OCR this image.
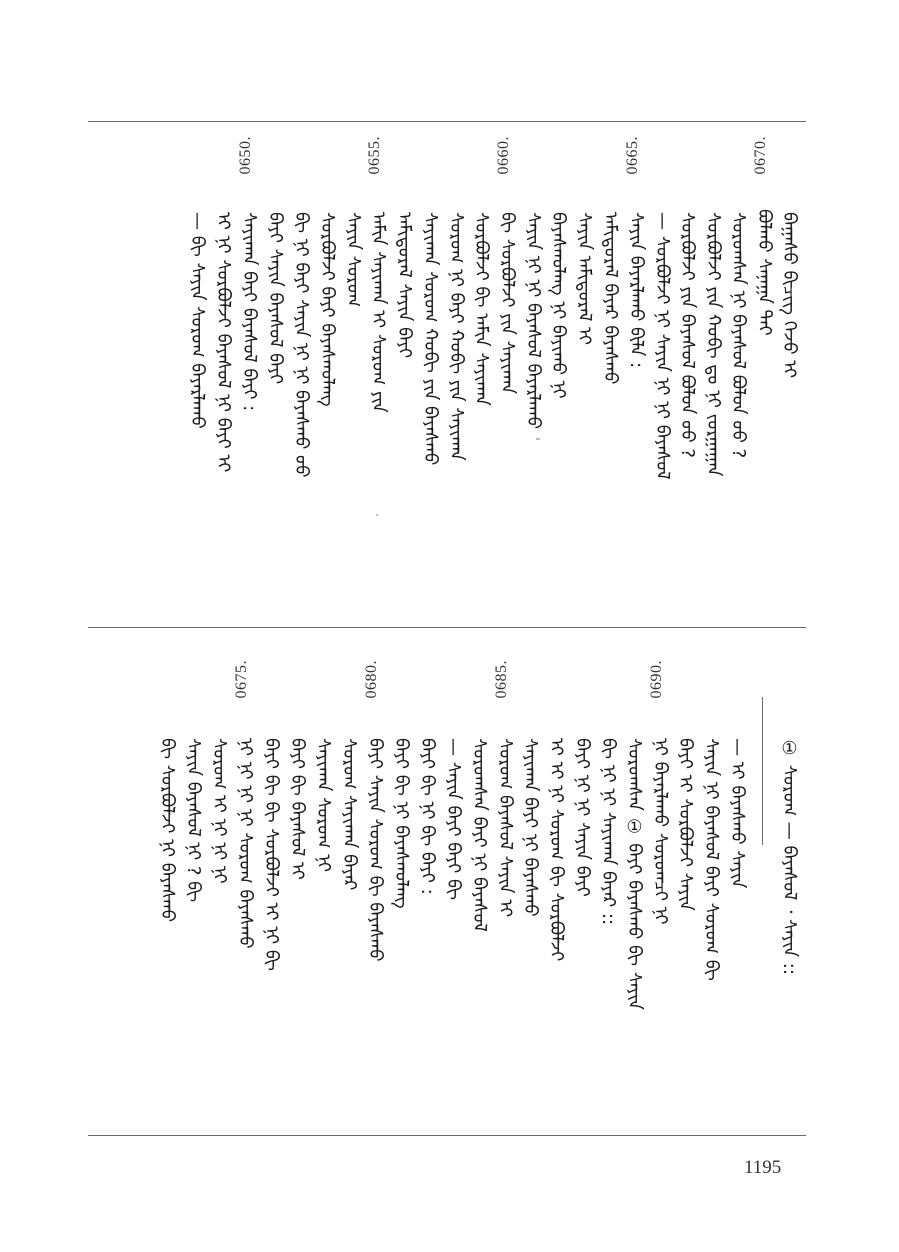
ᠪᠠᠭᠠᠰᠤ ᠪᠢᠴᠢᠭ ᠭᠡᠵᠦ ᠢ
0670.
ᠪᠤᠯᠬᠤ ᠰᠠᠨᠠᠭᠠ ᠲᠠᠢ
ᠰᠤᠷᠤᠭᠰᠠᠨ ᠨᠢ ᠪᠠᠶᠠᠰᠤᠯ ᠪᠣᠯᠤᠨ ᠤᠤ ?
ᠰᠤᠷᠪᠤᠯᠵᠢ ᠶᠢᠨ ᠬᠤᠪᠢ ᠳᠤ ᠨᠢ ᠵᠤᠷᠭᠠᠭᠠᠨ
ᠰᠤᠷᠪᠤᠯᠵᠢ ᠶᠢᠨ ᠪᠠᠶᠠᠰᠤᠯ ᠪᠣᠯᠤᠨ ᠤᠤ ?
— ᠰᠤᠷᠪᠤᠯᠵᠢ ᠨᠢ ᠰᠠᠶᠢᠨ ᠨᠢ ᠨᠢ ᠪᠠᠶᠠᠰᠤᠯ
0665.
ᠰᠠᠶᠢᠨ ᠪᠠᠶᠠᠷᠯᠠᠬᠤ ᠪᠢᠯᠡ :
ᠠᠮᠢᠳᠤᠷᠠᠯ ᠪᠠᠶᠠᠷ ᠪᠠᠶᠠᠰᠬᠤ
ᠰᠠᠶᠢᠨ ᠠᠮᠢᠳᠤᠷᠠᠯ ᠢ
ᠪᠠᠶᠠᠰᠬᠤᠯᠠᠩ ᠨᠢ ᠪᠠᠶᠢᠬᠤ ᠨᠢ
ᠰᠠᠶᠢᠨ ᠨᠢ ᠨᠢ ᠪᠠᠶᠠᠰᠤᠯ ᠪᠠᠶᠠᠷᠯᠠᠬᠤ
0660.
ᠪᠢ ᠰᠤᠷᠪᠤᠯᠵᠢ ᠶᠢᠨ ᠰᠠᠶᠢᠬᠠᠨ
ᠰᠤᠷᠪᠤᠯᠵᠢ ᠪᠢ ᠠᠮᠢᠨ ᠰᠠᠶᠢᠬᠠᠨ
ᠰᠤᠷᠤᠭ ᠨᠢ ᠪᠠᠶᠢ ᠬᠤᠪᠢ ᠶᠢᠨ ᠰᠠᠶᠢᠬᠠᠨ
ᠰᠠᠶᠢᠬᠠᠨ ᠰᠤᠷᠤᠭ ᠬᠤᠪᠢ ᠶᠢᠨ ᠪᠠᠶᠠᠰᠬᠤ
ᠠᠮᠢᠳᠤᠷᠠᠯ ᠰᠠᠶᠢᠨ ᠪᠠᠶᠢ
0655.
ᠠᠮᠢᠨ ᠰᠠᠶᠢᠬᠠᠨ ᠢ ᠰᠤᠷᠤᠭ ᠶᠢᠨ
ᠰᠠᠶᠢᠨ ᠰᠤᠷᠤᠭ
ᠰᠤᠷᠪᠤᠯᠵᠢ ᠪᠠᠶᠢ ᠪᠠᠶᠠᠰᠬᠤᠯᠠᠩ
ᠪᠢ ᠨᠢ ᠪᠠᠶᠢ ᠰᠠᠶᠢᠨ ᠨᠢ ᠨᠢ ᠪᠠᠶᠠᠰᠬᠤ ᠤᠤ
ᠪᠠᠶᠢ ᠰᠠᠶᠢᠨ ᠪᠠᠶᠠᠰᠤᠯ ᠪᠠᠶᠢ
0650.
ᠰᠠᠶᠢᠬᠠᠨ ᠪᠠᠶᠢ ᠪᠠᠶᠠᠰᠤᠯ ᠪᠠᠶᠢ :
ᠢ ᠨᠢ ᠰᠤᠷᠪᠤᠯᠵᠢ ᠪᠠᠶᠠᠰᠤᠯ ᠨᠢ ᠪᠠᠶᠢ ᠢ
— ᠪᠢ ᠰᠠᠶᠢᠨ ᠰᠤᠷᠤᠭ ᠪᠠᠶᠠᠷᠯᠠᠬᠤ
① ᠰᠤᠷᠤᠭ — ᠪᠠᠶᠠᠰᠤᠯ ᠂ ᠰᠠᠶᠢᠨ ::
— ᠢ ᠪᠠᠶᠠᠰᠬᠤ ᠰᠠᠶᠢᠨ
ᠰᠠᠶᠢᠨ ᠨᠢ ᠪᠠᠶᠠᠰᠤᠯ ᠪᠠᠶᠢ ᠰᠤᠷᠤᠭ ᠪᠢ
ᠪᠠᠶᠢ ᠢ ᠰᠤᠷᠪᠤᠯᠵᠢ ᠰᠠᠶᠢᠨ
0690.
ᠨᠢ ᠪᠠᠶᠠᠷᠯᠠᠬᠤ ᠰᠤᠷᠤᠭᠴᠢ ᠨᠢ
ᠰᠤᠷᠤᠭᠰᠠᠨ ① ᠪᠠᠶᠢ ᠪᠠᠶᠠᠰᠬᠤ ᠪᠢ ᠰᠠᠶᠢᠨ
ᠪᠢ ᠨᠢ ᠨᠢ ᠰᠠᠶᠢᠬᠠᠨ ᠪᠠᠶᠠᠷ ::
ᠪᠠᠶᠢ ᠨᠢ ᠨᠢ ᠰᠠᠶᠢᠨ ᠪᠠᠶᠢ
ᠢ ᠢ ᠨᠢ ᠰᠤᠷᠤᠭ ᠪᠢ ᠰᠤᠷᠪᠤᠯᠵᠢ
ᠰᠠᠶᠢᠬᠠᠨ ᠪᠠᠶᠢ ᠨᠢ ᠪᠠᠶᠠᠰᠬᠤ
0685.
ᠰᠤᠷᠤᠭ ᠪᠠᠶᠠᠰᠤᠯ ᠰᠠᠶᠢᠨ ᠢ
ᠰᠤᠷᠤᠭᠰᠠᠨ ᠪᠠᠶᠢ ᠨᠢ ᠪᠠᠶᠠᠰᠤᠯ
— ᠰᠠᠶᠢᠨ ᠪᠠᠶᠢ ᠪᠠᠶᠢ ᠪᠢ
ᠪᠠᠶᠢ ᠪᠢ ᠨᠢ ᠪᠢ ᠪᠠᠶᠢ :
ᠪᠠᠶᠢ ᠪᠢ ᠨᠢ ᠪᠠᠶᠠᠰᠬᠤᠯᠠᠩ
0680.
ᠪᠠᠶᠢ ᠰᠠᠶᠢᠨ ᠰᠤᠷᠤᠭ ᠪᠢ ᠪᠠᠶᠠᠰᠬᠤ
ᠰᠤᠷᠤᠭ ᠰᠠᠶᠢᠬᠠᠨ ᠪᠠᠶᠠᠷ
ᠰᠠᠶᠢᠬᠠᠨ ᠰᠤᠷᠤᠭ ᠨᠢ
ᠪᠠᠶᠢ ᠪᠢ ᠪᠠᠶᠠᠰᠤᠯ ᠢ
ᠪᠠᠶᠢ ᠪᠢ ᠪᠢ ᠰᠤᠷᠪᠤᠯᠵᠢ ᠢ ᠨᠢ ᠪᠢ
0675.
ᠨᠢ ᠨᠢ ᠨᠢ ᠨᠢ ᠰᠤᠷᠤᠭ ᠪᠠᠶᠠᠰᠬᠤ
ᠰᠤᠷᠤᠭ ᠢ ᠨᠢ ᠨᠢ ᠨᠢ
ᠰᠠᠶᠢᠨ ᠪᠠᠶᠠᠰᠤᠯ ᠨᠢ ? ᠪᠢ
ᠪᠢ ᠰᠤᠷᠪᠤᠯᠵᠢ ᠨᠢ ᠪᠠᠶᠠᠰᠬᠤ
1195
